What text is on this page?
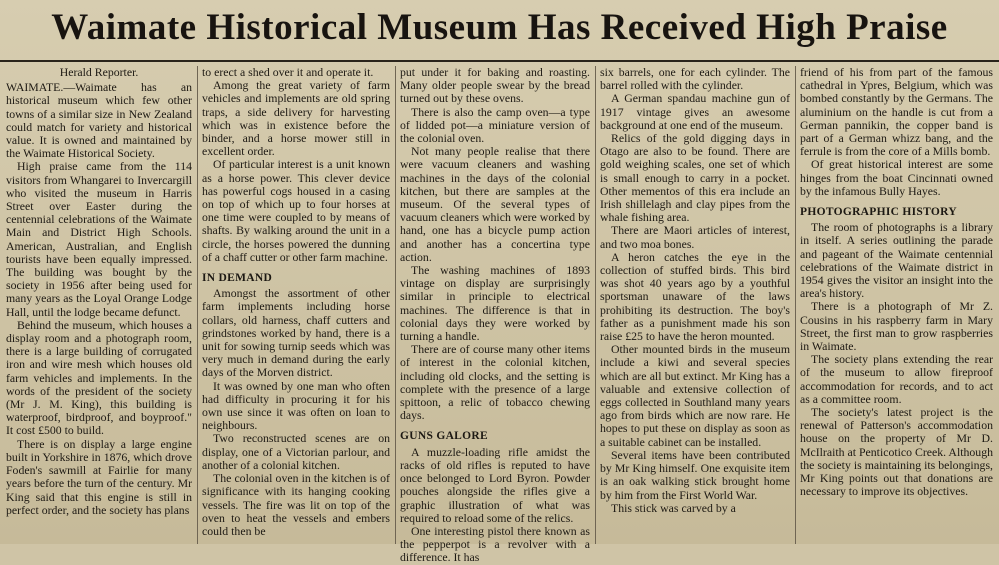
Waimate Historical Museum Has Received High Praise

Herald Reporter.

WAIMATE.—Waimate has an historical museum which few other towns of a similar size in New Zealand could match for variety and historical value. It is owned and maintained by the Waimate Historical Society.

High praise came from the 114 visitors from Whangarei to Invercargill who visited the museum in Harris Street over Easter during the centennial celebrations of the Waimate Main and District High Schools. American, Australian, and English tourists have been equally impressed. The building was bought by the society in 1956 after being used for many years as the Loyal Orange Lodge Hall, until the lodge became defunct.

Behind the museum, which houses a display room and a photograph room, there is a large building of corrugated iron and wire mesh which houses old farm vehicles and implements. In the words of the president of the society (Mr J. M. King), this building is waterproof, birdproof, and boyproof." It cost £500 to build.

There is on display a large engine built in Yorkshire in 1876, which drove Foden's sawmill at Fairlie for many years before the turn of the century. Mr King said that this engine is still in perfect order, and the society has plans

to erect a shed over it and operate it.

Among the great variety of farm vehicles and implements are old spring traps, a side delivery for harvesting which was in existence before the binder, and a horse mower still in excellent order.

Of particular interest is a unit known as a horse power. This clever device has powerful cogs housed in a casing on top of which up to four horses at one time were coupled to by means of shafts. By walking around the unit in a circle, the horses powered the dunning of a chaff cutter or other farm machine.

IN DEMAND

Amongst the assortment of other farm implements including horse collars, old harness, chaff cutters and grindstones worked by hand, there is a unit for sowing turnip seeds which was very much in demand during the early days of the Morven district.

It was owned by one man who often had difficulty in procuring it for his own use since it was often on loan to neighbours.

Two reconstructed scenes are on display, one of a Victorian parlour, and another of a colonial kitchen.

The colonial oven in the kitchen is of significance with its hanging cooking vessels. The fire was lit on top of the oven to heat the vessels and embers could then be

put under it for baking and roasting. Many older people swear by the bread turned out by these ovens.

There is also the camp oven—a type of lidded pot—a miniature version of the colonial oven.

Not many people realise that there were vacuum cleaners and washing machines in the days of the colonial kitchen, but there are samples at the museum. Of the several types of vacuum cleaners which were worked by hand, one has a bicycle pump action and another has a concertina type action.

The washing machines of 1893 vintage on display are surprisingly similar in principle to electrical machines. The difference is that in colonial days they were worked by turning a handle.

There are of course many other items of interest in the colonial kitchen, including old clocks, and the setting is complete with the presence of a large spittoon, a relic of tobacco chewing days.

GUNS GALORE

A muzzle-loading rifle amidst the racks of old rifles is reputed to have once belonged to Lord Byron. Powder pouches alongside the rifles give a graphic illustration of what was required to reload some of the relics.

One interesting pistol there known as the pepperpot is a revolver with a difference. It has

six barrels, one for each cylinder. The barrel rolled with the cylinder.

A German spandau machine gun of 1917 vintage gives an awesome background at one end of the museum.

Relics of the gold digging days in Otago are also to be found. There are gold weighing scales, one set of which is small enough to carry in a pocket. Other mementos of this era include an Irish shillelagh and clay pipes from the whale fishing area.

There are Maori articles of interest, and two moa bones.

A heron catches the eye in the collection of stuffed birds. This bird was shot 40 years ago by a youthful sportsman unaware of the laws prohibiting its destruction. The boy's father as a punishment made his son raise £25 to have the heron mounted.

Other mounted birds in the museum include a kiwi and several species which are all but extinct. Mr King has a valuable and extensive collection of eggs collected in Southland many years ago from birds which are now rare. He hopes to put these on display as soon as a suitable cabinet can be installed.

Several items have been contributed by Mr King himself. One exquisite item is an oak walking stick brought home by him from the First World War.

This stick was carved by a

friend of his from part of the famous cathedral in Ypres, Belgium, which was bombed constantly by the Germans. The aluminium on the handle is cut from a German pannikin, the copper band is part of a German whizz bang, and the ferrule is from the core of a Mills bomb.

Of great historical interest are some hinges from the boat Cincinnati owned by the infamous Bully Hayes.

PHOTOGRAPHIC HISTORY

The room of photographs is a library in itself. A series outlining the parade and pageant of the Waimate centennial celebrations of the Waimate district in 1954 gives the visitor an insight into the area's history.

There is a photograph of Mr Z. Cousins in his raspberry farm in Mary Street, the first man to grow raspberries in Waimate.

The society plans extending the rear of the museum to allow fireproof accommodation for records, and to act as a committee room.

The society's latest project is the renewal of Patterson's accommodation house on the property of Mr D. McIlraith at Penticotico Creek. Although the society is maintaining its belongings, Mr King points out that donations are necessary to improve its objectives.
